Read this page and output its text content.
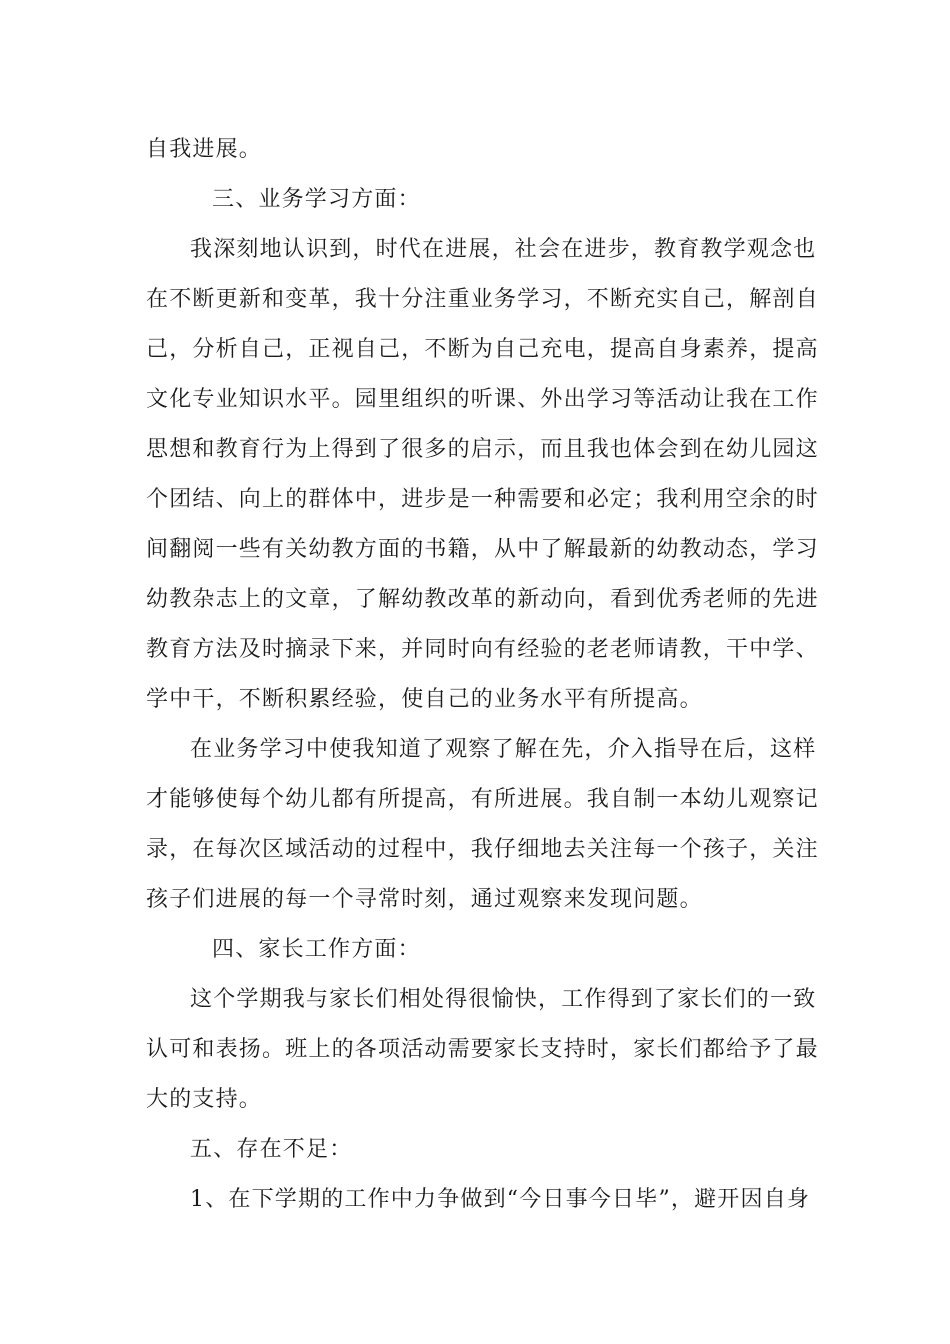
自我进展。
三、业务学习方面：
我深刻地认识到，时代在进展，社会在进步，教育教学观念也
在不断更新和变革，我十分注重业务学习，不断充实自己，解剖自
己，分析自己，正视自己，不断为自己充电，提高自身素养，提高
文化专业知识水平。园里组织的听课、外出学习等活动让我在工作
思想和教育行为上得到了很多的启示，而且我也体会到在幼儿园这
个团结、向上的群体中，进步是一种需要和必定；我利用空余的时
间翻阅一些有关幼教方面的书籍，从中了解最新的幼教动态，学习
幼教杂志上的文章，了解幼教改革的新动向，看到优秀老师的先进
教育方法及时摘录下来，并同时向有经验的老老师请教，干中学、
学中干，不断积累经验，使自己的业务水平有所提高。
在业务学习中使我知道了观察了解在先，介入指导在后，这样
才能够使每个幼儿都有所提高，有所进展。我自制一本幼儿观察记
录，在每次区域活动的过程中，我仔细地去关注每一个孩子，关注
孩子们进展的每一个寻常时刻，通过观察来发现问题。
四、家长工作方面：
这个学期我与家长们相处得很愉快，工作得到了家长们的一致
认可和表扬。班上的各项活动需要家长支持时，家长们都给予了最
大的支持。
五、存在不足：
1、在下学期的工作中力争做到“今日事今日毕”，避开因自身
